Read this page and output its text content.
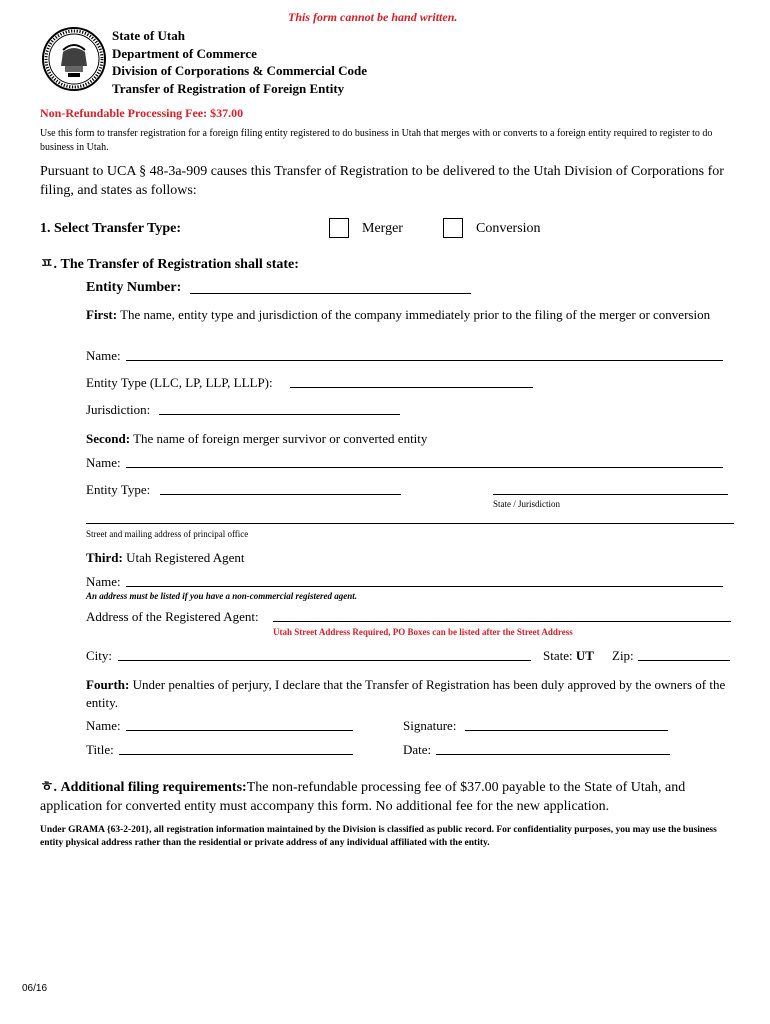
This form cannot be hand written.
State of Utah
Department of Commerce
Division of Corporations & Commercial Code
Transfer of Registration of Foreign Entity
Non-Refundable Processing Fee: $37.00
Use this form to transfer registration for a foreign filing entity registered to do business in Utah that merges with or converts to a foreign entity required to register to do business in Utah.
Pursuant to UCA § 48-3a-909 causes this Transfer of Registration to be delivered to the Utah Division of Corporations for filing, and states as follows:
1. Select Transfer Type:	Merger	Conversion
ㅍ. The Transfer of Registration shall state:
Entity Number:
First: The name, entity type and jurisdiction of the company immediately prior to the filing of the merger or conversion
Name:
Entity Type (LLC, LP, LLP, LLLP):
Jurisdiction:
Second: The name of foreign merger survivor or converted entity
Name:
Entity Type:
State / Jurisdiction
Street and mailing address of principal office
Third: Utah Registered Agent
Name:
An address must be listed if you have a non-commercial registered agent.
Address of the Registered Agent:
Utah Street Address Required, PO Boxes can be listed after the Street Address
City:	State: UT Zip:
Fourth: Under penalties of perjury, I declare that the Transfer of Registration has been duly approved by the owners of the entity.
Name:	Signature:
Title:	Date:
ㅎ. Additional filing requirements:The non-refundable processing fee of $37.00 payable to the State of Utah, and application for converted entity must accompany this form. No additional fee for the new application.
Under GRAMA {63-2-201}, all registration information maintained by the Division is classified as public record. For confidentiality purposes, you may use the business entity physical address rather than the residential or private address of any individual affiliated with the entity.
06/16
